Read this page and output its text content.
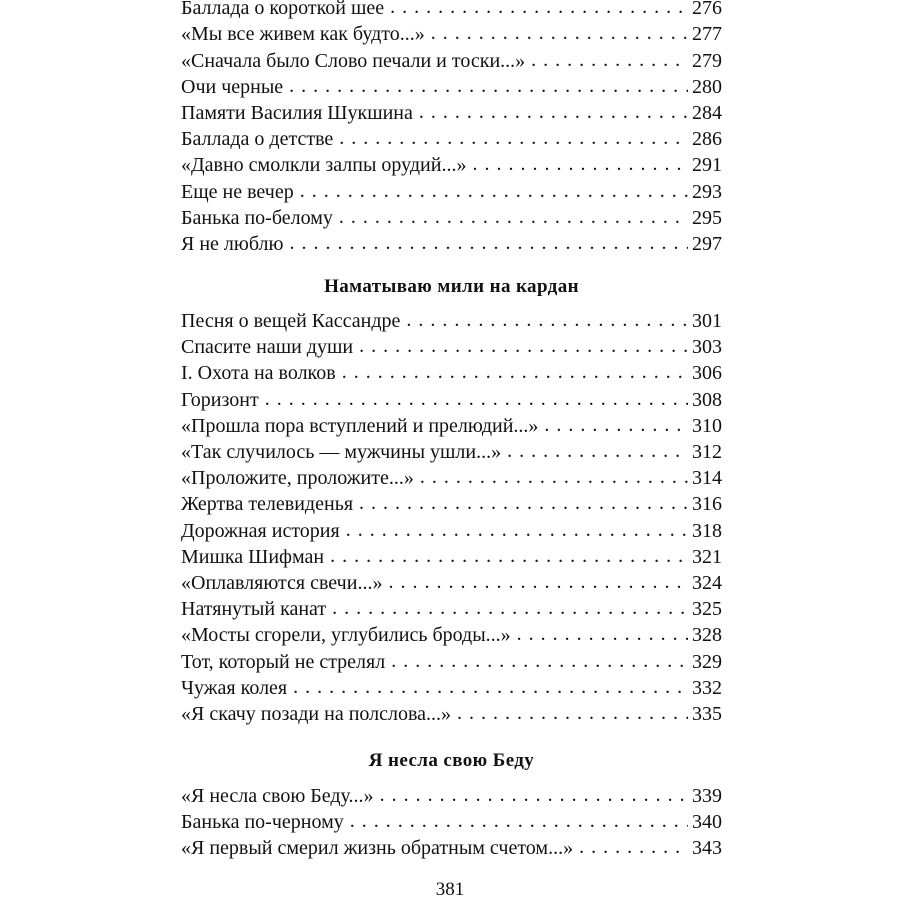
Баллада о короткой шее . . .	276
«Мы все живем как будто...» . . .	277
«Сначала было Слово печали и тоски...» . . .	279
Очи черные . . .	280
Памяти Василия Шукшина . . .	284
Баллада о детстве . . .	286
«Давно смолкли залпы орудий...» . . .	291
Еще не вечер . . .	293
Банька по-белому . . .	295
Я не люблю . . .	297
Наматываю мили на кардан
Песня о вещей Кассандре . . .	301
Спасите наши души . . .	303
I. Охота на волков . . .	306
Горизонт . . .	308
«Прошла пора вступлений и прелюдий...» . . .	310
«Так случилось — мужчины ушли...» . . .	312
«Проложите, проложите...» . . .	314
Жертва телевиденья . . .	316
Дорожная история . . .	318
Мишка Шифман . . .	321
«Оплавляются свечи...» . . .	324
Натянутый канат . . .	325
«Мосты сгорели, углубились броды...» . . .	328
Тот, который не стрелял . . .	329
Чужая колея . . .	332
«Я скачу позади на полслова...» . . .	335
Я несла свою Беду
«Я несла свою Беду...» . . .	339
Банька по-черному . . .	340
«Я первый смерил жизнь обратным счетом...» . . .	343
381
